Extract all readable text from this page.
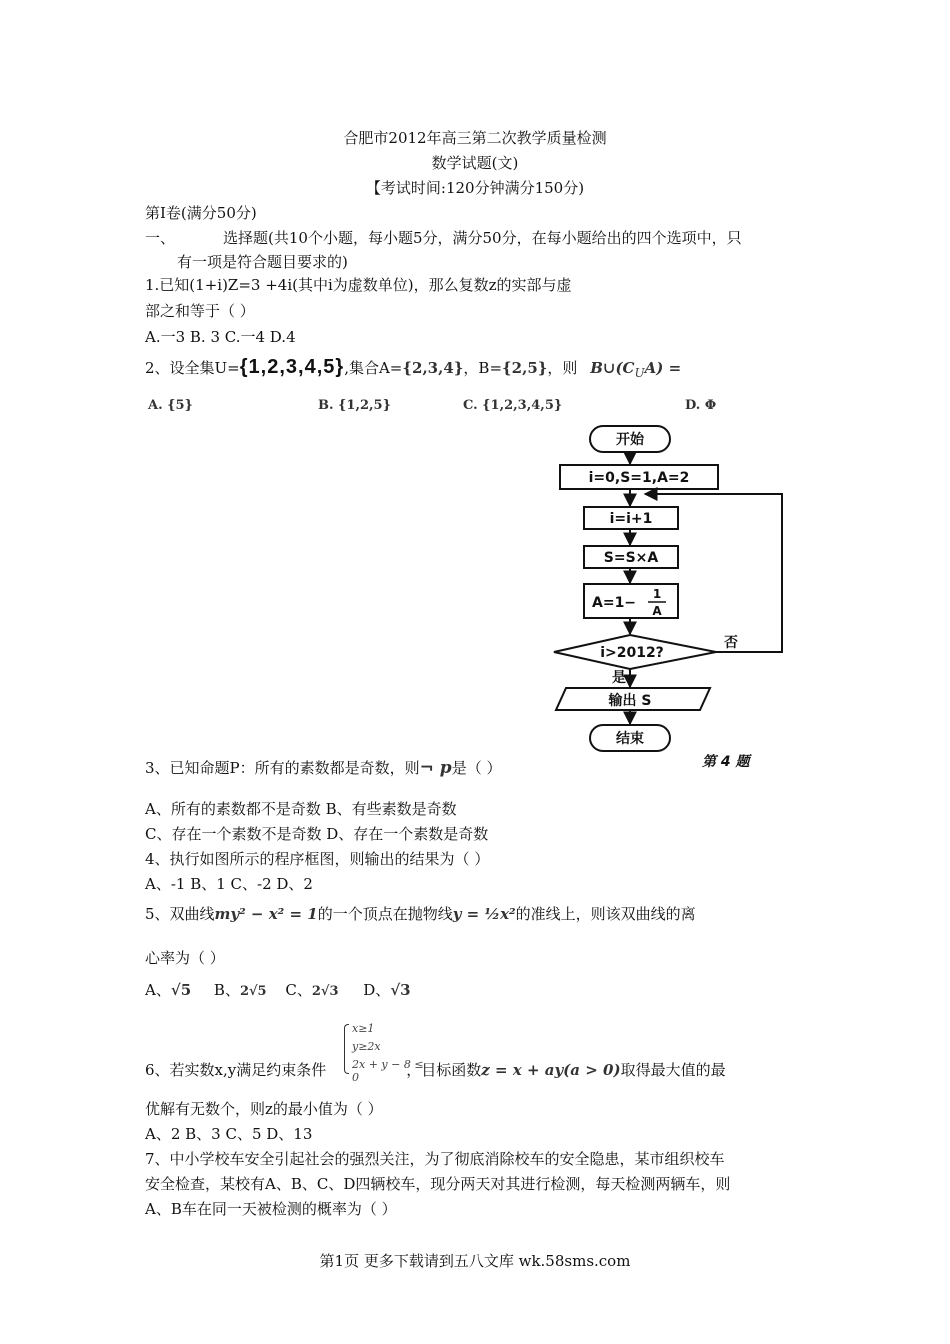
合肥市2012年高三第二次教学质量检测
数学试题(文)
【考试时间:120分钟满分150分)
第I卷(满分50分)
一、	选择题(共10个小题，每小题5分，满分50分，在每小题给出的四个选项中，只
有一项是符合题目要求的)
1.已知(1+i)Z=3 +4i(其中i为虚数单位)，那么复数z的实部与虚
部之和等于（ ）
A.一3 B. 3 C.一4 D.4
2、设全集U={1,2,3,4,5},集合A={2,3,4}，B={2,5}，则 $B\cup(C_UA)$ =
A. {5}	B. {1,2,5}	C. {1,2,3,4,5}	D. Φ
开始
i=0,S=1,A=2
i=i+1
S=S×A
A=1−
1
A
i>2012?
否
是
输出 S
结束
第 4 题
3、已知命题P：所有的素数都是奇数，则¬ p是（ ）
A、所有的素数都不是奇数 B、有些素数是奇数
C、存在一个素数不是奇数 D、存在一个素数是奇数
4、执行如图所示的程序框图，则输出的结果为（ ）
A、-1 B、1 C、-2 D、2
5、双曲线my² − x² = 1的一个顶点在抛物线y = ½x²的准线上，则该双曲线的离
心率为（ ）
A、√5 B、2√5 C、2√3 D、√3
x≥1
y≥2x
2x + y − 8 ≤ 0
6、若实数x,y满足约束条件	，目标函数z = x + ay(a > 0)取得最大值的最
优解有无数个，则z的最小值为（ ）
A、2 B、3 C、5 D、13
7、中小学校车安全引起社会的强烈关注，为了彻底消除校车的安全隐患，某市组织校车
安全检查，某校有A、B、C、D四辆校车，现分两天对其进行检测，每天检测两辆车，则
A、B车在同一天被检测的概率为（ ）
第1页 更多下载请到五八文库 wk.58sms.com
